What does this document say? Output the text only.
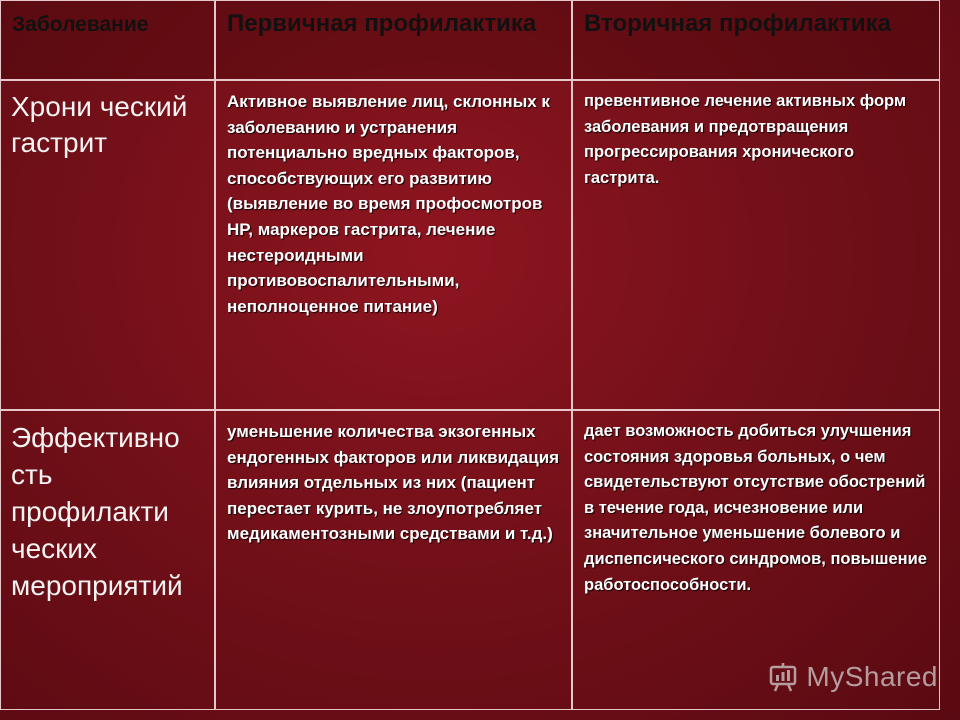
Заболевание	Первичная профилактика	Вторичная профилактика
Хрони ческий гастрит
Активное выявление лиц, склонных к заболеванию и устранения потенциально вредных факторов, способствующих его развитию (выявление во время профосмотров НР, маркеров гастрита, лечение нестероидными противовоспалительными, неполноценное питание)
превентивное лечение активных форм заболевания и предотвращения прогрессирования хронического гастрита.
Эффективно сть профилакти ческих мероприятий
уменьшение количества экзогенных ендогенных факторов или ликвидация влияния отдельных из них (пациент перестает курить, не злоупотребляет медикаментозными средствами и т.д.)
дает возможность добиться улучшения состояния здоровья больных, о чем свидетельствуют отсутствие обострений в течение года, исчезновение или значительное уменьшение болевого и диспепсического синдромов, повышение работоспособности.
MyShared
